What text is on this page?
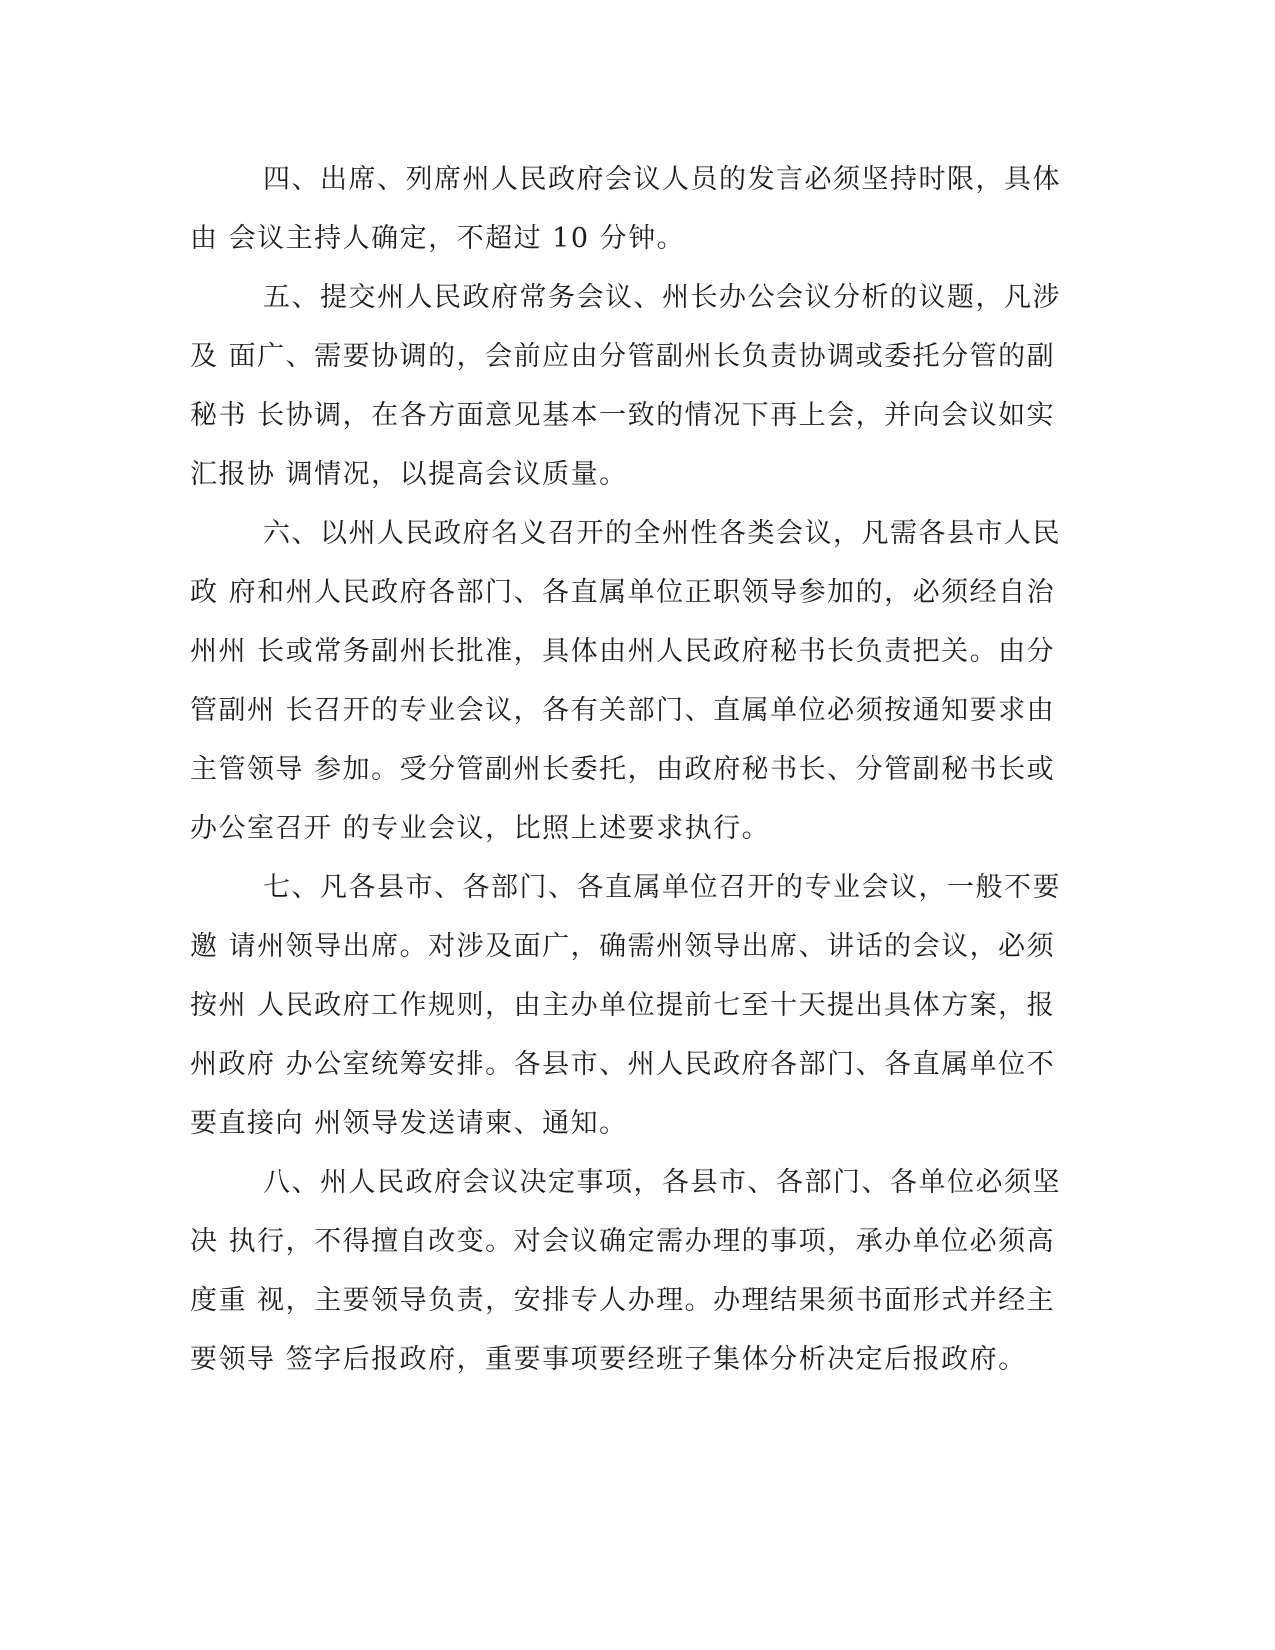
四、出席、列席州人民政府会议人员的发言必须坚持时限，具体
由 会议主持人确定，不超过 10 分钟。
五、提交州人民政府常务会议、州长办公会议分析的议题，凡涉
及 面广、需要协调的，会前应由分管副州长负责协调或委托分管的副
秘书 长协调，在各方面意见基本一致的情况下再上会，并向会议如实
汇报协 调情况，以提高会议质量。
六、以州人民政府名义召开的全州性各类会议，凡需各县市人民
政 府和州人民政府各部门、各直属单位正职领导参加的，必须经自治
州州 长或常务副州长批准，具体由州人民政府秘书长负责把关。由分
管副州 长召开的专业会议，各有关部门、直属单位必须按通知要求由
主管领导 参加。受分管副州长委托，由政府秘书长、分管副秘书长或
办公室召开 的专业会议，比照上述要求执行。
七、凡各县市、各部门、各直属单位召开的专业会议，一般不要
邀 请州领导出席。对涉及面广，确需州领导出席、讲话的会议，必须
按州 人民政府工作规则，由主办单位提前七至十天提出具体方案，报
州政府 办公室统筹安排。各县市、州人民政府各部门、各直属单位不
要直接向 州领导发送请柬、通知。
八、州人民政府会议决定事项，各县市、各部门、各单位必须坚
决 执行，不得擅自改变。对会议确定需办理的事项，承办单位必须高
度重 视，主要领导负责，安排专人办理。办理结果须书面形式并经主
要领导 签字后报政府，重要事项要经班子集体分析决定后报政府。
